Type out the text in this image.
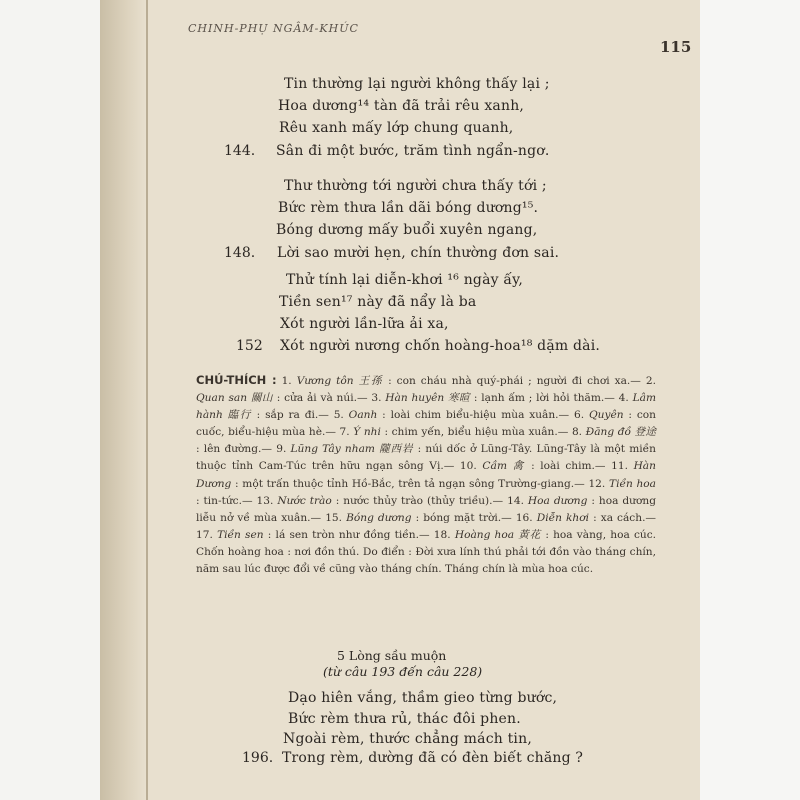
CHINH-PHỤ NGÂM-KHÚC
115
Tin thường lại người không thấy lại ;
Hoa dương¹⁴ tàn đã trải rêu xanh,
Rêu xanh mấy lớp chung quanh,
144. Sân đi một bước, trăm tình ngẩn-ngơ.
Thư thường tới người chưa thấy tới ;
Bức rèm thưa lần dãi bóng dương¹⁵.
Bóng dương mấy buổi xuyên ngang,
148. Lời sao mười hẹn, chín thường đơn sai.
Thử tính lại diễn-khơi ¹⁶ ngày ấy,
Tiền sen¹⁷ này đã nẩy là ba
Xót người lần-lữa ải xa,
152 Xót người nương chốn hoàng-hoa¹⁸ dặm dài.
CHÚ-THÍCH : 1. Vương tôn 王孫 : con cháu nhà quý-phái ; người đi chơi xa.— 2. Quan san 關山 : cửa ải và núi.— 3. Hàn huyên 寒暄 : lạnh ấm ; lời hỏi thăm.— 4. Lâm hành 臨行 : sắp ra đi.— 5. Oanh : loài chim biểu-hiệu mùa xuân.— 6. Quyên : con cuốc, biểu-hiệu mùa hè.— 7. Ý nhi : chim yến, biểu hiệu mùa xuân.— 8. Đăng đồ 登途 : lên đường.— 9. Lũng Tây nham 隴西岩 : núi dốc ở Lũng-Tây. Lũng-Tây là một miền thuộc tỉnh Cam-Túc trên hữu ngạn sông Vị.— 10. Cầm 禽 : loài chim.— 11. Hàn Dương : một trấn thuộc tỉnh Hồ-Bắc, trên tả ngạn sông Trường-giang.— 12. Tiền hoa : tin-tức.— 13. Nước trào : nước thủy trào (thủy triều).— 14. Hoa dương : hoa dương liễu nở về mùa xuân.— 15. Bóng dương : bóng mặt trời.— 16. Diễn khơi : xa cách.— 17. Tiền sen : lá sen tròn như đồng tiền.— 18. Hoàng hoa 黃花 : hoa vàng, hoa cúc. Chốn hoàng hoa : nơi đồn thú. Do điển : Đời xưa lính thú phải tới đồn vào tháng chín, năm sau lúc được đổi về cũng vào tháng chín. Tháng chín là mùa hoa cúc.
5 Lòng sầu muộn
(từ câu 193 đến câu 228)
Dạo hiên vắng, thầm gieo từng bước,
Bức rèm thưa rủ, thác đôi phen.
Ngoài rèm, thước chẳng mách tin,
196. Trong rèm, dường đã có đèn biết chăng ?
